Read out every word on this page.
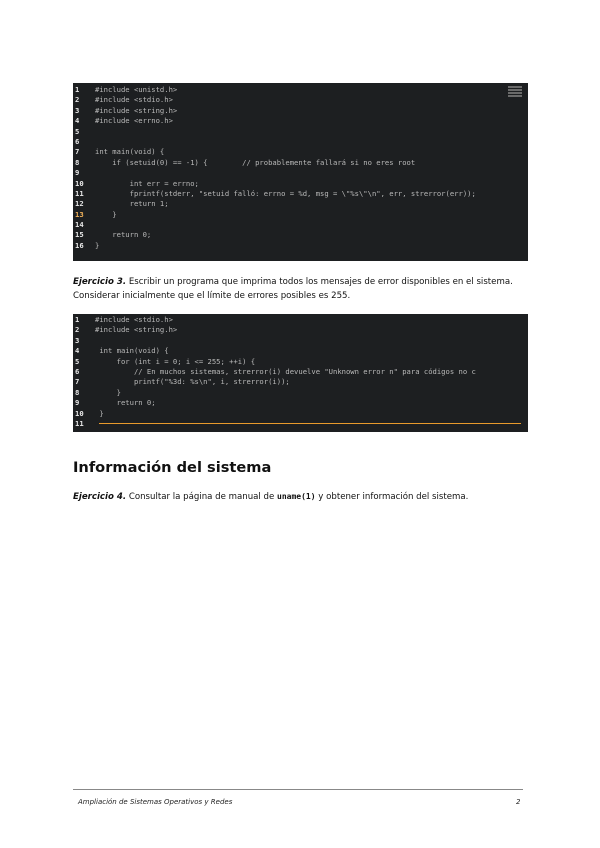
1	#include <unistd.h>
2	#include <stdio.h>
3	#include <string.h>
4	#include <errno.h>
5
6
7	int main(void) {
8	if (setuid(0) == -1) {        // probablemente fallará si no eres root
9
10	int err = errno;
11	fprintf(stderr, "setuid falló: errno = %d, msg = \"%s\"\n", err, strerror(err));
12	return 1;
13	}
14
15	return 0;
16	}
Ejercicio 3. Escribir un programa que imprima todos los mensajes de error disponibles en el sistema. Considerar inicialmente que el límite de errores posibles es 255.
1	#include <stdio.h>
2	#include <string.h>
3
4	int main(void) {
5	for (int i = 0; i <= 255; ++i) {
6	// En muchos sistemas, strerror(i) devuelve "Unknown error n" para códigos no c
7	printf("%3d: %s\n", i, strerror(i));
8	}
9	return 0;
10	}
11
Información del sistema
Ejercicio 4. Consultar la página de manual de uname(1) y obtener información del sistema.
Ampliación de Sistemas Operativos y Redes	2
